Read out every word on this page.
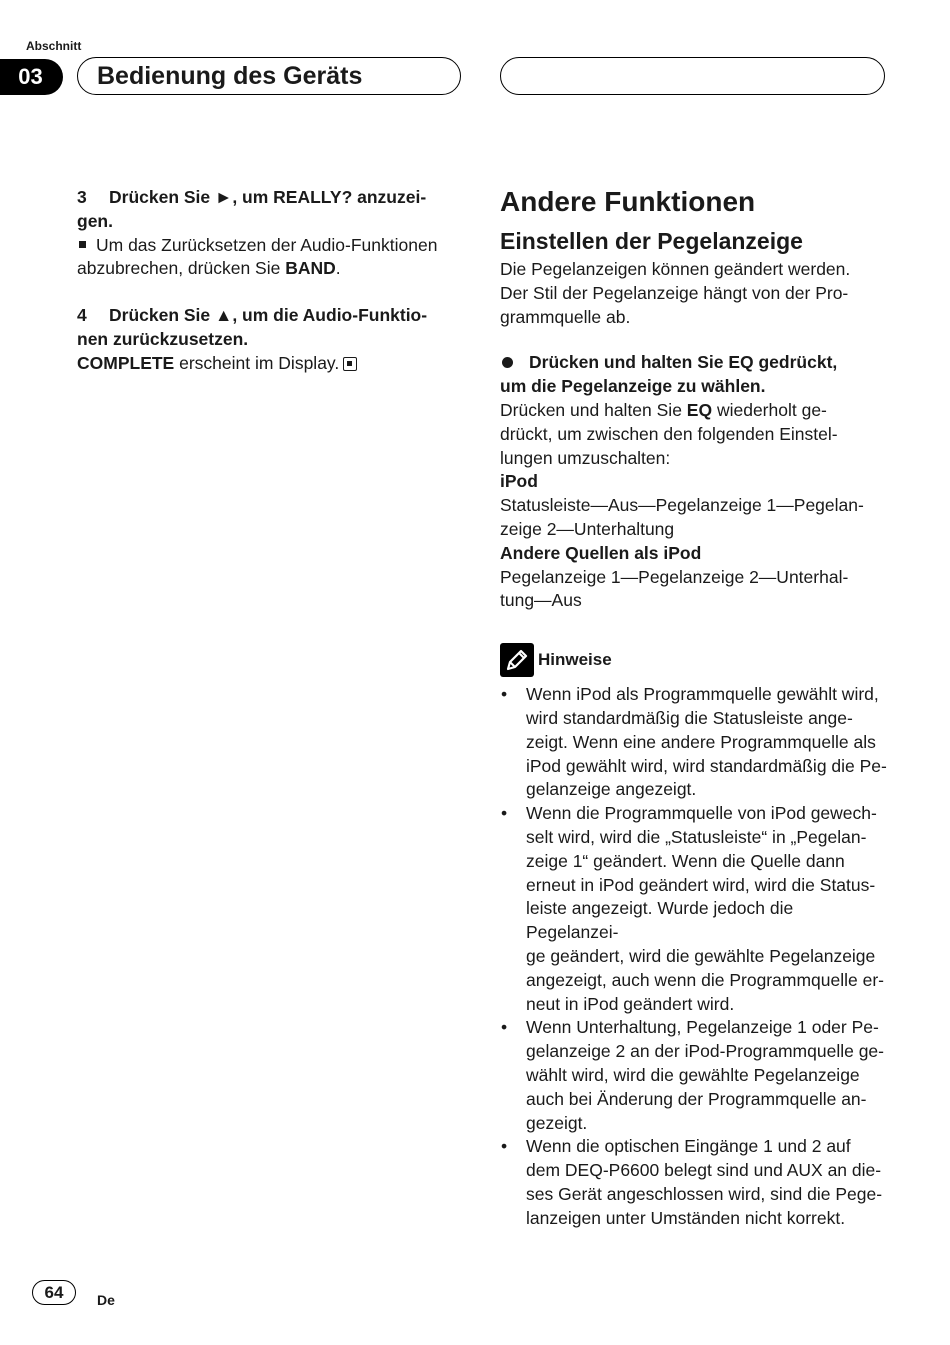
Abschnitt
03	Bedienung des Geräts

3 Drücken Sie ►, um REALLY? anzuzei-
gen.

Um das Zurücksetzen der Audio-Funktionen
abzubrechen, drücken Sie BAND.

4 Drücken Sie ▲, um die Audio-Funktio-
nen zurückzusetzen.

COMPLETE erscheint im Display.

Andere Funktionen
Einstellen der Pegelanzeige

Die Pegelanzeigen können geändert werden.
Der Stil der Pegelanzeige hängt von der Pro-
grammquelle ab.

Drücken und halten Sie EQ gedrückt,
um die Pegelanzeige zu wählen.

Drücken und halten Sie EQ wiederholt ge-
drückt, um zwischen den folgenden Einstel-
lungen umzuschalten:
iPod
Statusleiste—Aus—Pegelanzeige 1—Pegelan-
zeige 2—Unterhaltung
Andere Quellen als iPod
Pegelanzeige 1—Pegelanzeige 2—Unterhal-
tung—Aus

Hinweise
• Wenn iPod als Programmquelle gewählt wird,
wird standardmäßig die Statusleiste ange-
zeigt. Wenn eine andere Programmquelle als
iPod gewählt wird, wird standardmäßig die Pe-
gelanzeige angezeigt.
• Wenn die Programmquelle von iPod gewech-
selt wird, wird die „Statusleiste“ in „Pegelan-
zeige 1“ geändert. Wenn die Quelle dann
erneut in iPod geändert wird, wird die Status-
leiste angezeigt. Wurde jedoch die Pegelanzei-
ge geändert, wird die gewählte Pegelanzeige
angezeigt, auch wenn die Programmquelle er-
neut in iPod geändert wird.
• Wenn Unterhaltung, Pegelanzeige 1 oder Pe-
gelanzeige 2 an der iPod-Programmquelle ge-
wählt wird, wird die gewählte Pegelanzeige
auch bei Änderung der Programmquelle an-
gezeigt.
• Wenn die optischen Eingänge 1 und 2 auf
dem DEQ-P6600 belegt sind und AUX an die-
ses Gerät angeschlossen wird, sind die Pege-
lanzeigen unter Umständen nicht korrekt.
64	De
